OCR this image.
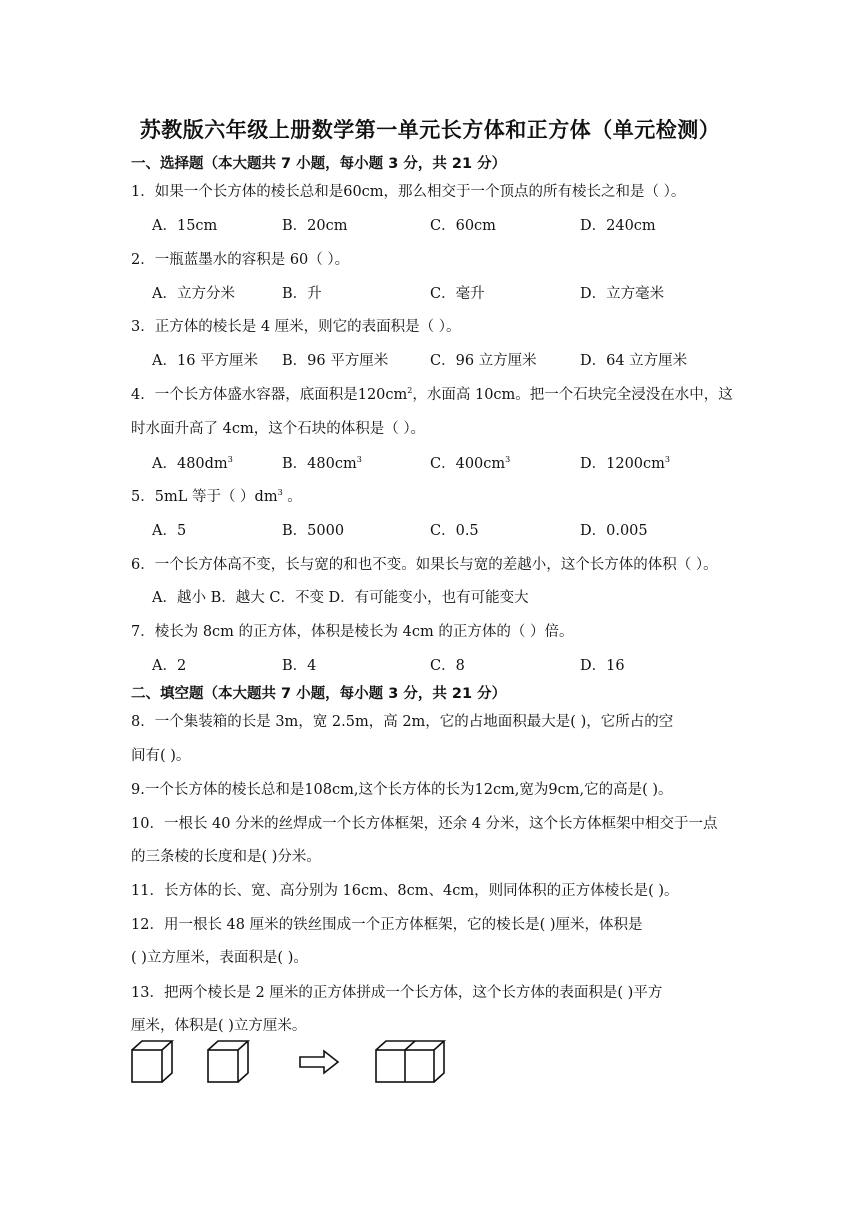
苏教版六年级上册数学第一单元长方体和正方体（单元检测）
一、选择题（本大题共 7 小题，每小题 3 分，共 21 分）
1．如果一个长方体的棱长总和是60cm，那么相交于一个顶点的所有棱长之和是（ ）。
A．15cm	B．20cm	C．60cm	D．240cm
2．一瓶蓝墨水的容积是 60（ ）。
A．立方分米	B．升	C．毫升	D．立方毫米
3．正方体的棱长是 4 厘米，则它的表面积是（ ）。
A．16 平方厘米 B．96 平方厘米	C．96 立方厘米	D．64 立方厘米
4．一个长方体盛水容器，底面积是$120cm^2$，水面高 10cm。把一个石块完全浸没在水中，这
时水面升高了 4cm，这个石块的体积是（ ）。
A．$480dm^3$	B．$480cm^3$	C．$400cm^3$	D．$1200cm^3$
5．5mL 等于（ ）$dm^3$ 。
A．5	B．5000	C．0.5	D．0.005
6．一个长方体高不变，长与宽的和也不变。如果长与宽的差越小，这个长方体的体积（ ）。
A．越小 B．越大 C．不变 D．有可能变小，也有可能变大
7．棱长为 8cm 的正方体，体积是棱长为 4cm 的正方体的（ ）倍。
A．2	B．4	C．8	D．16
二、填空题（本大题共 7 小题，每小题 3 分，共 21 分）
8．一个集装箱的长是 3m，宽 2.5m，高 2m，它的占地面积最大是( )，它所占的空
间有( )。
9.一个长方体的棱长总和是108cm,这个长方体的长为12cm,宽为9cm,它的高是( )。
10．一根长 40 分米的丝焊成一个长方体框架，还余 4 分米，这个长方体框架中相交于一点
的三条棱的长度和是( )分米。
11．长方体的长、宽、高分别为 16cm、8cm、4cm，则同体积的正方体棱长是( )。
12．用一根长 48 厘米的铁丝围成一个正方体框架，它的棱长是( )厘米，体积是
( )立方厘米，表面积是( )。
13．把两个棱长是 2 厘米的正方体拼成一个长方体，这个长方体的表面积是( )平方
厘米，体积是( )立方厘米。
